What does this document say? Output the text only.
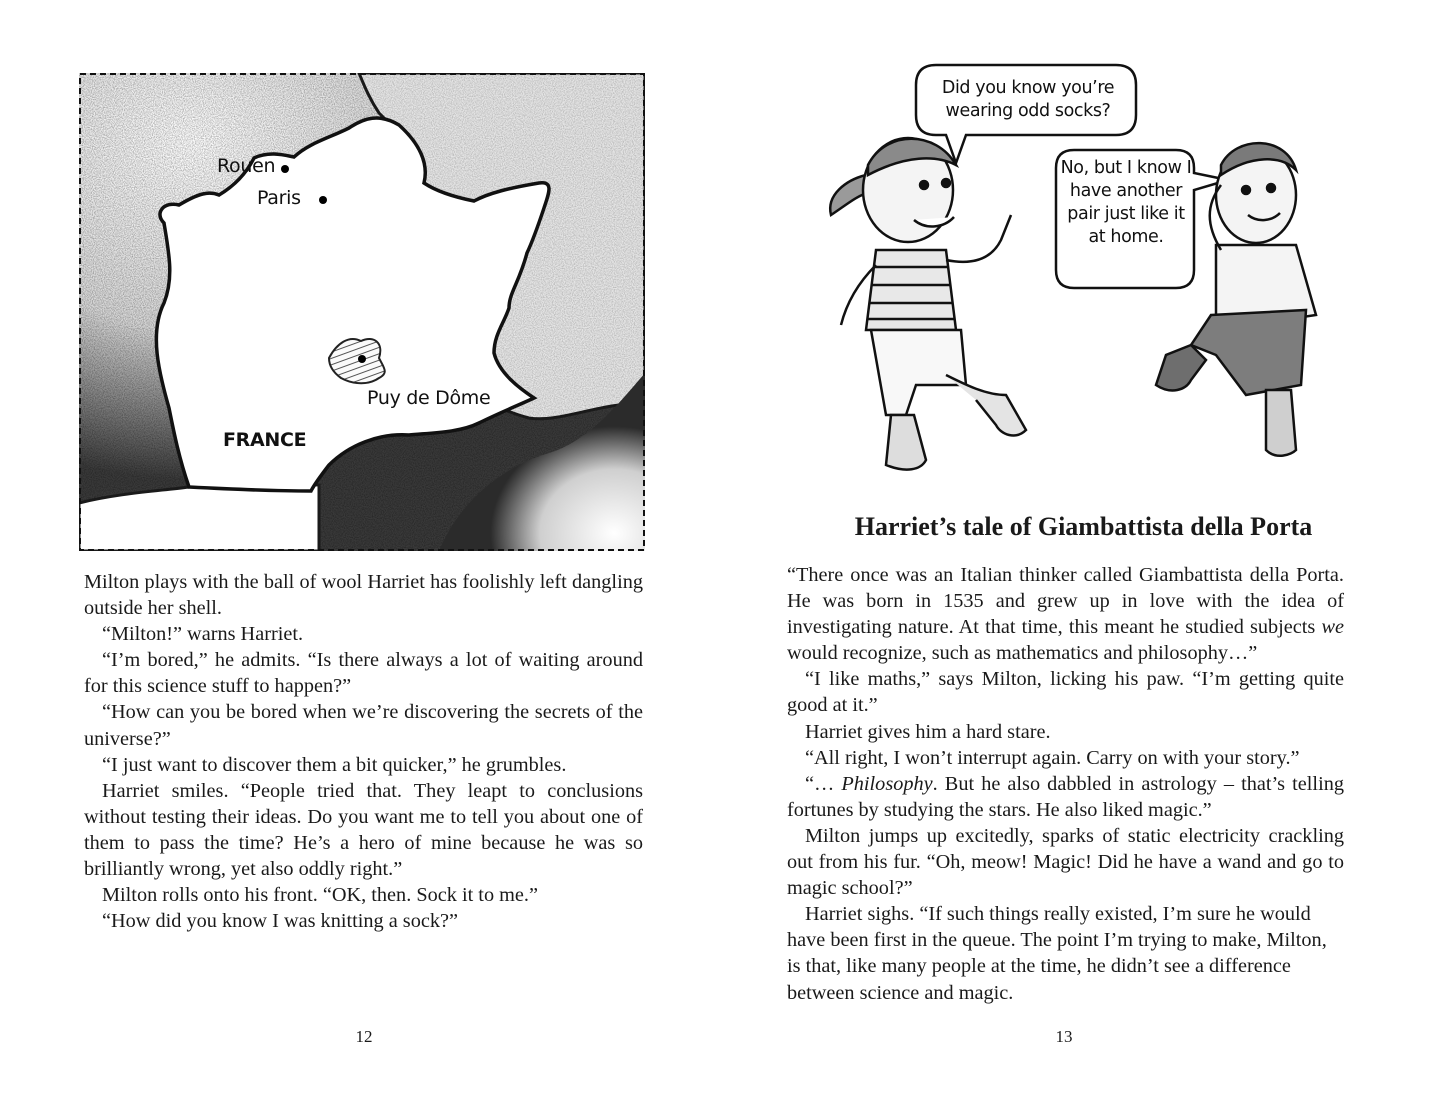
Rouen
Paris
Puy de Dôme
FRANCE

Milton plays with the ball of wool Harriet has foolishly left dangling outside her shell.

“Milton!” warns Harriet.

“I’m bored,” he admits. “Is there always a lot of waiting around for this science stuff to happen?”

“How can you be bored when we’re discovering the secrets of the universe?”

“I just want to discover them a bit quicker,” he grumbles.

Harriet smiles. “People tried that. They leapt to conclusions without testing their ideas. Do you want me to tell you about one of them to pass the time? He’s a hero of mine because he was so brilliantly wrong, yet also oddly right.”

Milton rolls onto his front. “OK, then. Sock it to me.”

“How did you know I was knitting a sock?”

12
Did you know you’re wearing odd socks?
No, but I know I have another pair just like it at home.
Harriet’s tale of Giambattista della Porta

“There once was an Italian thinker called Giambattista della Porta. He was born in 1535 and grew up in love with the idea of investigating nature. At that time, this meant he studied subjects we would recognize, such as mathematics and philosophy…”

“I like maths,” says Milton, licking his paw. “I’m getting quite good at it.”

Harriet gives him a hard stare.

“All right, I won’t interrupt again. Carry on with your story.”

“… Philosophy. But he also dabbled in astrology – that’s telling fortunes by studying the stars. He also liked magic.”

Milton jumps up excitedly, sparks of static electricity crackling out from his fur. “Oh, meow! Magic! Did he have a wand and go to magic school?”

Harriet sighs. “If such things really existed, I’m sure he would have been first in the queue. The point I’m trying to make, Milton, is that, like many people at the time, he didn’t see a difference between science and magic.

13
